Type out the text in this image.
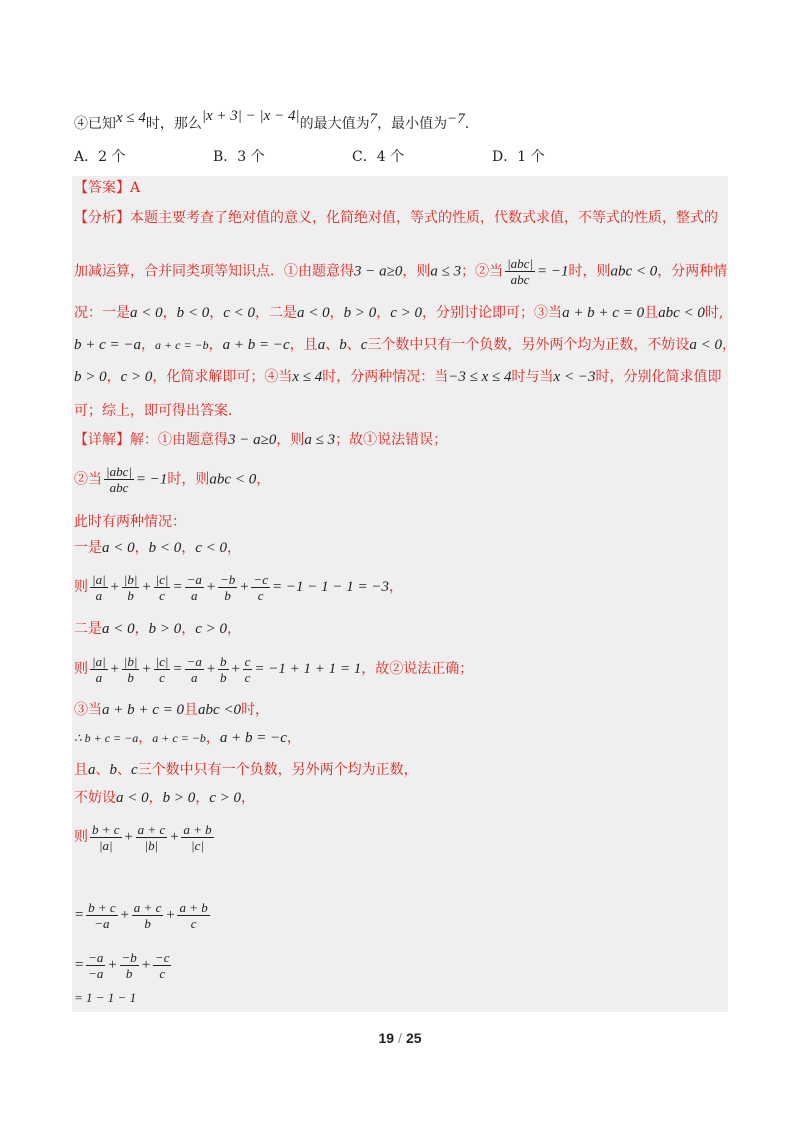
④已知x ≤ 4时，那么|x + 3| − |x − 4|的最大值为7，最小值为−7.
A．2 个	B．3 个	C．4 个	D．1 个
【答案】A
【分析】本题主要考查了绝对值的意义，化简绝对值，等式的性质，代数式求值，不等式的性质，整式的
加减运算，合并同类项等知识点．①由题意得3 − a≥0，则a ≤ 3；②当 $\frac{\text{|abc|}}{\text{abc}} = -1$时，则abc < 0，分两种情
况：一是a < 0，b < 0，c < 0，二是a < 0，b > 0，c > 0，分别讨论即可；③当a + b + c = 0且abc < 0时,
b + c = −a，a + c = −b，a + b = −c，且a、b、c三个数中只有一个负数，另外两个均为正数，不妨设a < 0，
b > 0，c > 0，化简求解即可；④当x ≤ 4时，分两种情况：当−3 ≤ x ≤ 4时与当x < −3时，分别化简求值即
可；综上，即可得出答案．
【详解】解：①由题意得3 − a≥0，则a ≤ 3；故①说法错误；
②当 $\frac{\text{|abc|}}{\text{abc}} = -1$时，则abc < 0，
此时有两种情况：
一是a < 0，b < 0，c < 0，
则 $\frac{|a|}{a} + \frac{|b|}{b} + \frac{|c|}{c} = \frac{-a}{a} + \frac{-b}{b} + \frac{-c}{c} = -1 - 1 - 1 = -3$，
二是a < 0，b > 0，c > 0，
则 $\frac{|a|}{a} + \frac{|b|}{b} + \frac{|c|}{c} = \frac{-a}{a} + \frac{b}{b} + \frac{c}{c} = -1 + 1 + 1 = 1$，故②说法正确；
③当a + b + c = 0且abc <0时，
∴ b + c = −a，a + c = −b，a + b = −c，
且a、b、c三个数中只有一个负数，另外两个均为正数，
不妨设a < 0，b > 0，c > 0，
则 $\frac{b + c}{|a|} + \frac{a + c}{|b|} + \frac{a + b}{|c|}$
= $\frac{b + c}{-a} + \frac{a + c}{b} + \frac{a + b}{c}$
= $\frac{-a}{-a} + \frac{-b}{b} + \frac{-c}{c}$
= 1 − 1 − 1
19 / 25
